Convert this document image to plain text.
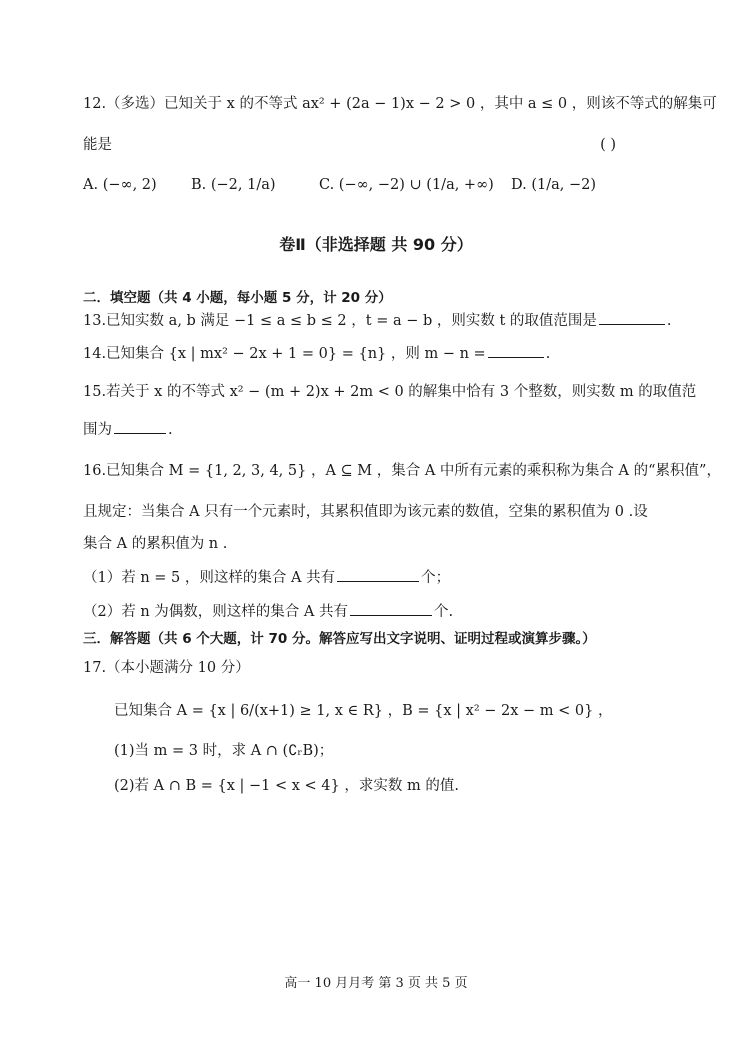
12.（多选）已知关于 x 的不等式 ax² + (2a − 1)x − 2 > 0 ，其中 a ≤ 0 ，则该不等式的解集可
能是	( )
A. (−∞, 2) B. (−2, 1/a)	C. (−∞, −2) ∪ (1/a, +∞) D. (1/a, −2)
卷Ⅱ（非选择题 共 90 分）
二．填空题（共 4 小题，每小题 5 分，计 20 分）
13.已知实数 a, b 满足 −1 ≤ a ≤ b ≤ 2 ，t = a − b ，则实数 t 的取值范围是	.
14.已知集合 {x | mx² − 2x + 1 = 0} = {n} ，则 m − n =	.
15.若关于 x 的不等式 x² − (m + 2)x + 2m < 0 的解集中恰有 3 个整数，则实数 m 的取值范
围为	.
16.已知集合 M = {1, 2, 3, 4, 5} ，A ⊆ M ，集合 A 中所有元素的乘积称为集合 A 的“累积值”，
且规定：当集合 A 只有一个元素时，其累积值即为该元素的数值，空集的累积值为 0 .设
集合 A 的累积值为 n .
（1）若 n = 5 ，则这样的集合 A 共有	个；
（2）若 n 为偶数，则这样的集合 A 共有	个.
三．解答题（共 6 个大题，计 70 分。解答应写出文字说明、证明过程或演算步骤。）
17.（本小题满分 10 分）
已知集合 A = {x | 6/(x+1) ≥ 1, x ∈ R} ，B = {x | x² − 2x − m < 0} ，
(1)当 m = 3 时，求 A ∩ (∁ᵣB)；
(2)若 A ∩ B = {x | −1 < x < 4} ，求实数 m 的值.
高一 10 月月考 第 3 页 共 5 页
